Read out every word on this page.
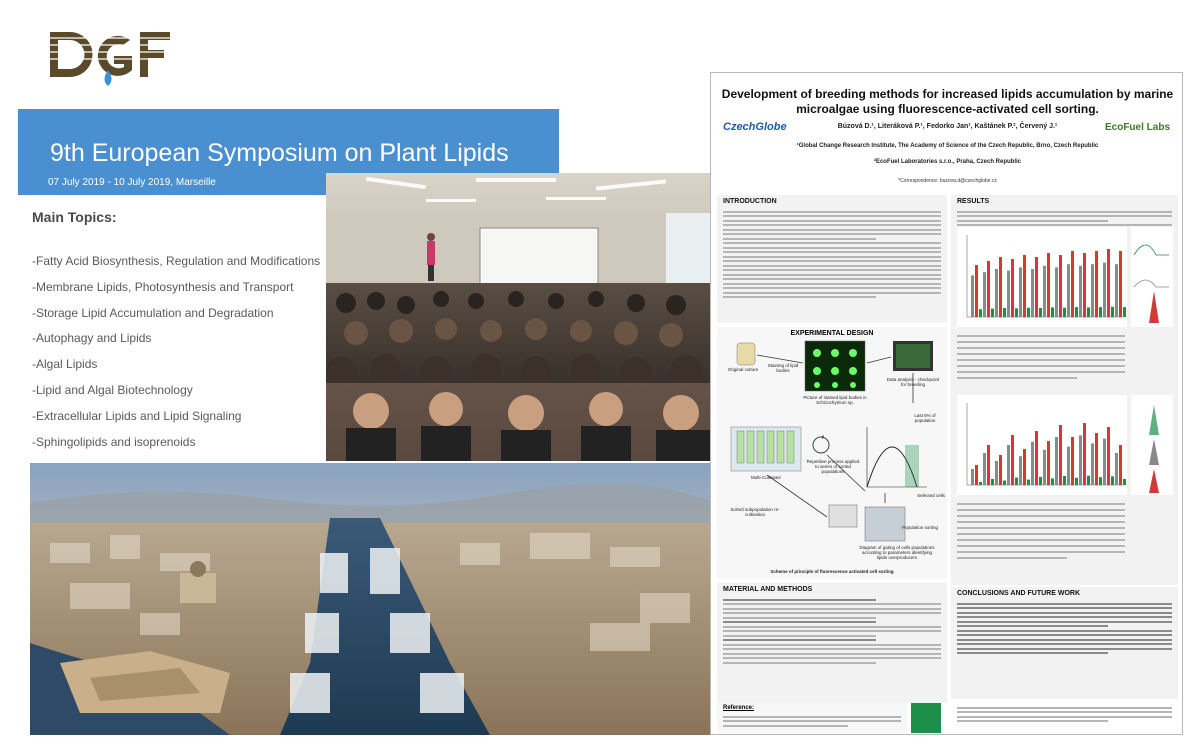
DGF
9th European Symposium on Plant Lipids
07 July 2019 - 10 July 2019, Marseille
Main Topics:
-Fatty Acid Biosynthesis, Regulation and Modifications
-Membrane Lipids, Photosynthesis and Transport
-Storage Lipid Accumulation and Degradation
-Autophagy and Lipids
-Algal Lipids
-Lipid and Algal Biotechnology
-Extracellular Lipids and Lipid Signaling
-Sphingolipids and isoprenoids
Development of breeding methods for increased lipids accumulation by marine microalgae using fluorescence-activated cell sorting.
CzechGlobe	EcoFuel Labs
Búzová D.¹, Literáková P.¹, Fedorko Jan¹, Kaštánek P.², Červený J.¹
¹Global Change Research Institute, The Academy of Science of the Czech Republic, Brno, Czech Republic
²EcoFuel Laboratories s.r.o., Praha, Czech Republic
*Correspondence: buzova.d@czechglobe.cz
INTRODUCTION
EXPERIMENTAL DESIGN
Original culture
Staining of lipid bodies
Picture of stained lipid bodies in Schizochytrium sp.
Data analysis - checkpoint for breeding
Last 6% of population
Selected cells
Multi-Cultivator
Repetitive process applied to series of sorted populations
Diagram of gating of cells populations according to parameters identifying lipids overproducers
Sorted subpopulation re-cultivation
Population sorting
Scheme of principle of fluorescence activated cell sorting
MATERIAL AND METHODS
Reference:
RESULTS
CONCLUSIONS AND FUTURE WORK
